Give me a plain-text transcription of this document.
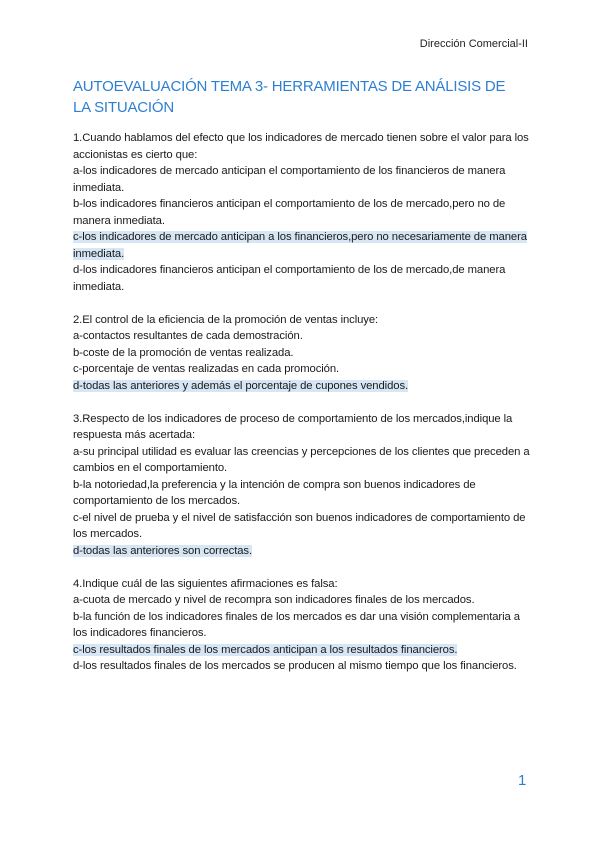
Dirección Comercial-II
AUTOEVALUACIÓN TEMA 3- HERRAMIENTAS DE ANÁLISIS DE LA SITUACIÓN
1.Cuando hablamos del efecto que los indicadores de mercado tienen sobre el valor para los accionistas es cierto que:
a-los indicadores de mercado anticipan el comportamiento de los financieros de manera inmediata.
b-los indicadores financieros anticipan el comportamiento de los de mercado,pero no de manera inmediata.
c-los indicadores de mercado anticipan a los financieros,pero no necesariamente de manera inmediata.
d-los indicadores financieros anticipan el comportamiento de los de mercado,de manera inmediata.
2.El control de la eficiencia de la promoción de ventas incluye:
a-contactos resultantes de cada demostración.
b-coste de la promoción de ventas realizada.
c-porcentaje de ventas realizadas en cada promoción.
d-todas las anteriores y además el porcentaje de cupones vendidos.
3.Respecto de los indicadores de proceso de comportamiento de los mercados,indique la respuesta más acertada:
a-su principal utilidad es evaluar las creencias y percepciones de los clientes que preceden a cambios en el comportamiento.
b-la notoriedad,la preferencia y la intención de compra son buenos indicadores de comportamiento de los mercados.
c-el nivel de prueba y el nivel de satisfacción son buenos indicadores de comportamiento de los mercados.
d-todas las anteriores son correctas.
4.Indique cuál de las siguientes afirmaciones es falsa:
a-cuota de mercado y nivel de recompra son indicadores finales de los mercados.
b-la función de los indicadores finales de los mercados es dar una visión complementaria a los indicadores financieros.
c-los resultados finales de los mercados anticipan a los resultados financieros.
d-los resultados finales de los mercados se producen al mismo tiempo que los financieros.
1
